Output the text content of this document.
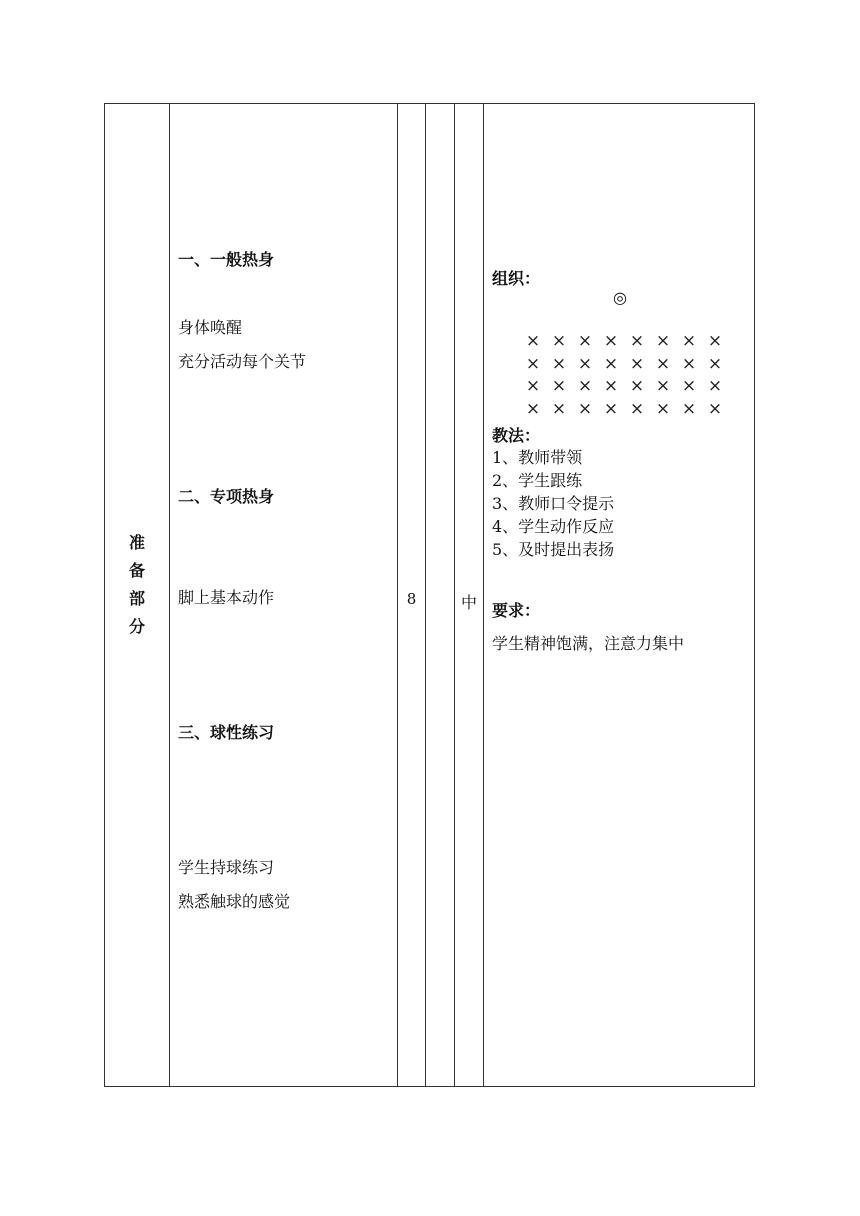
准
备
部
分
一、一般热身
身体唤醒
充分活动每个关节
二、专项热身
脚上基本动作
三、球性练习
学生持球练习
熟悉触球的感觉
8	中
组织：
◎
× × × × × × × ×
× × × × × × × ×
× × × × × × × ×
× × × × × × × ×
教法：
1、教师带领
2、学生跟练
3、教师口令提示
4、学生动作反应
5、及时提出表扬
要求：
学生精神饱满，注意力集中
